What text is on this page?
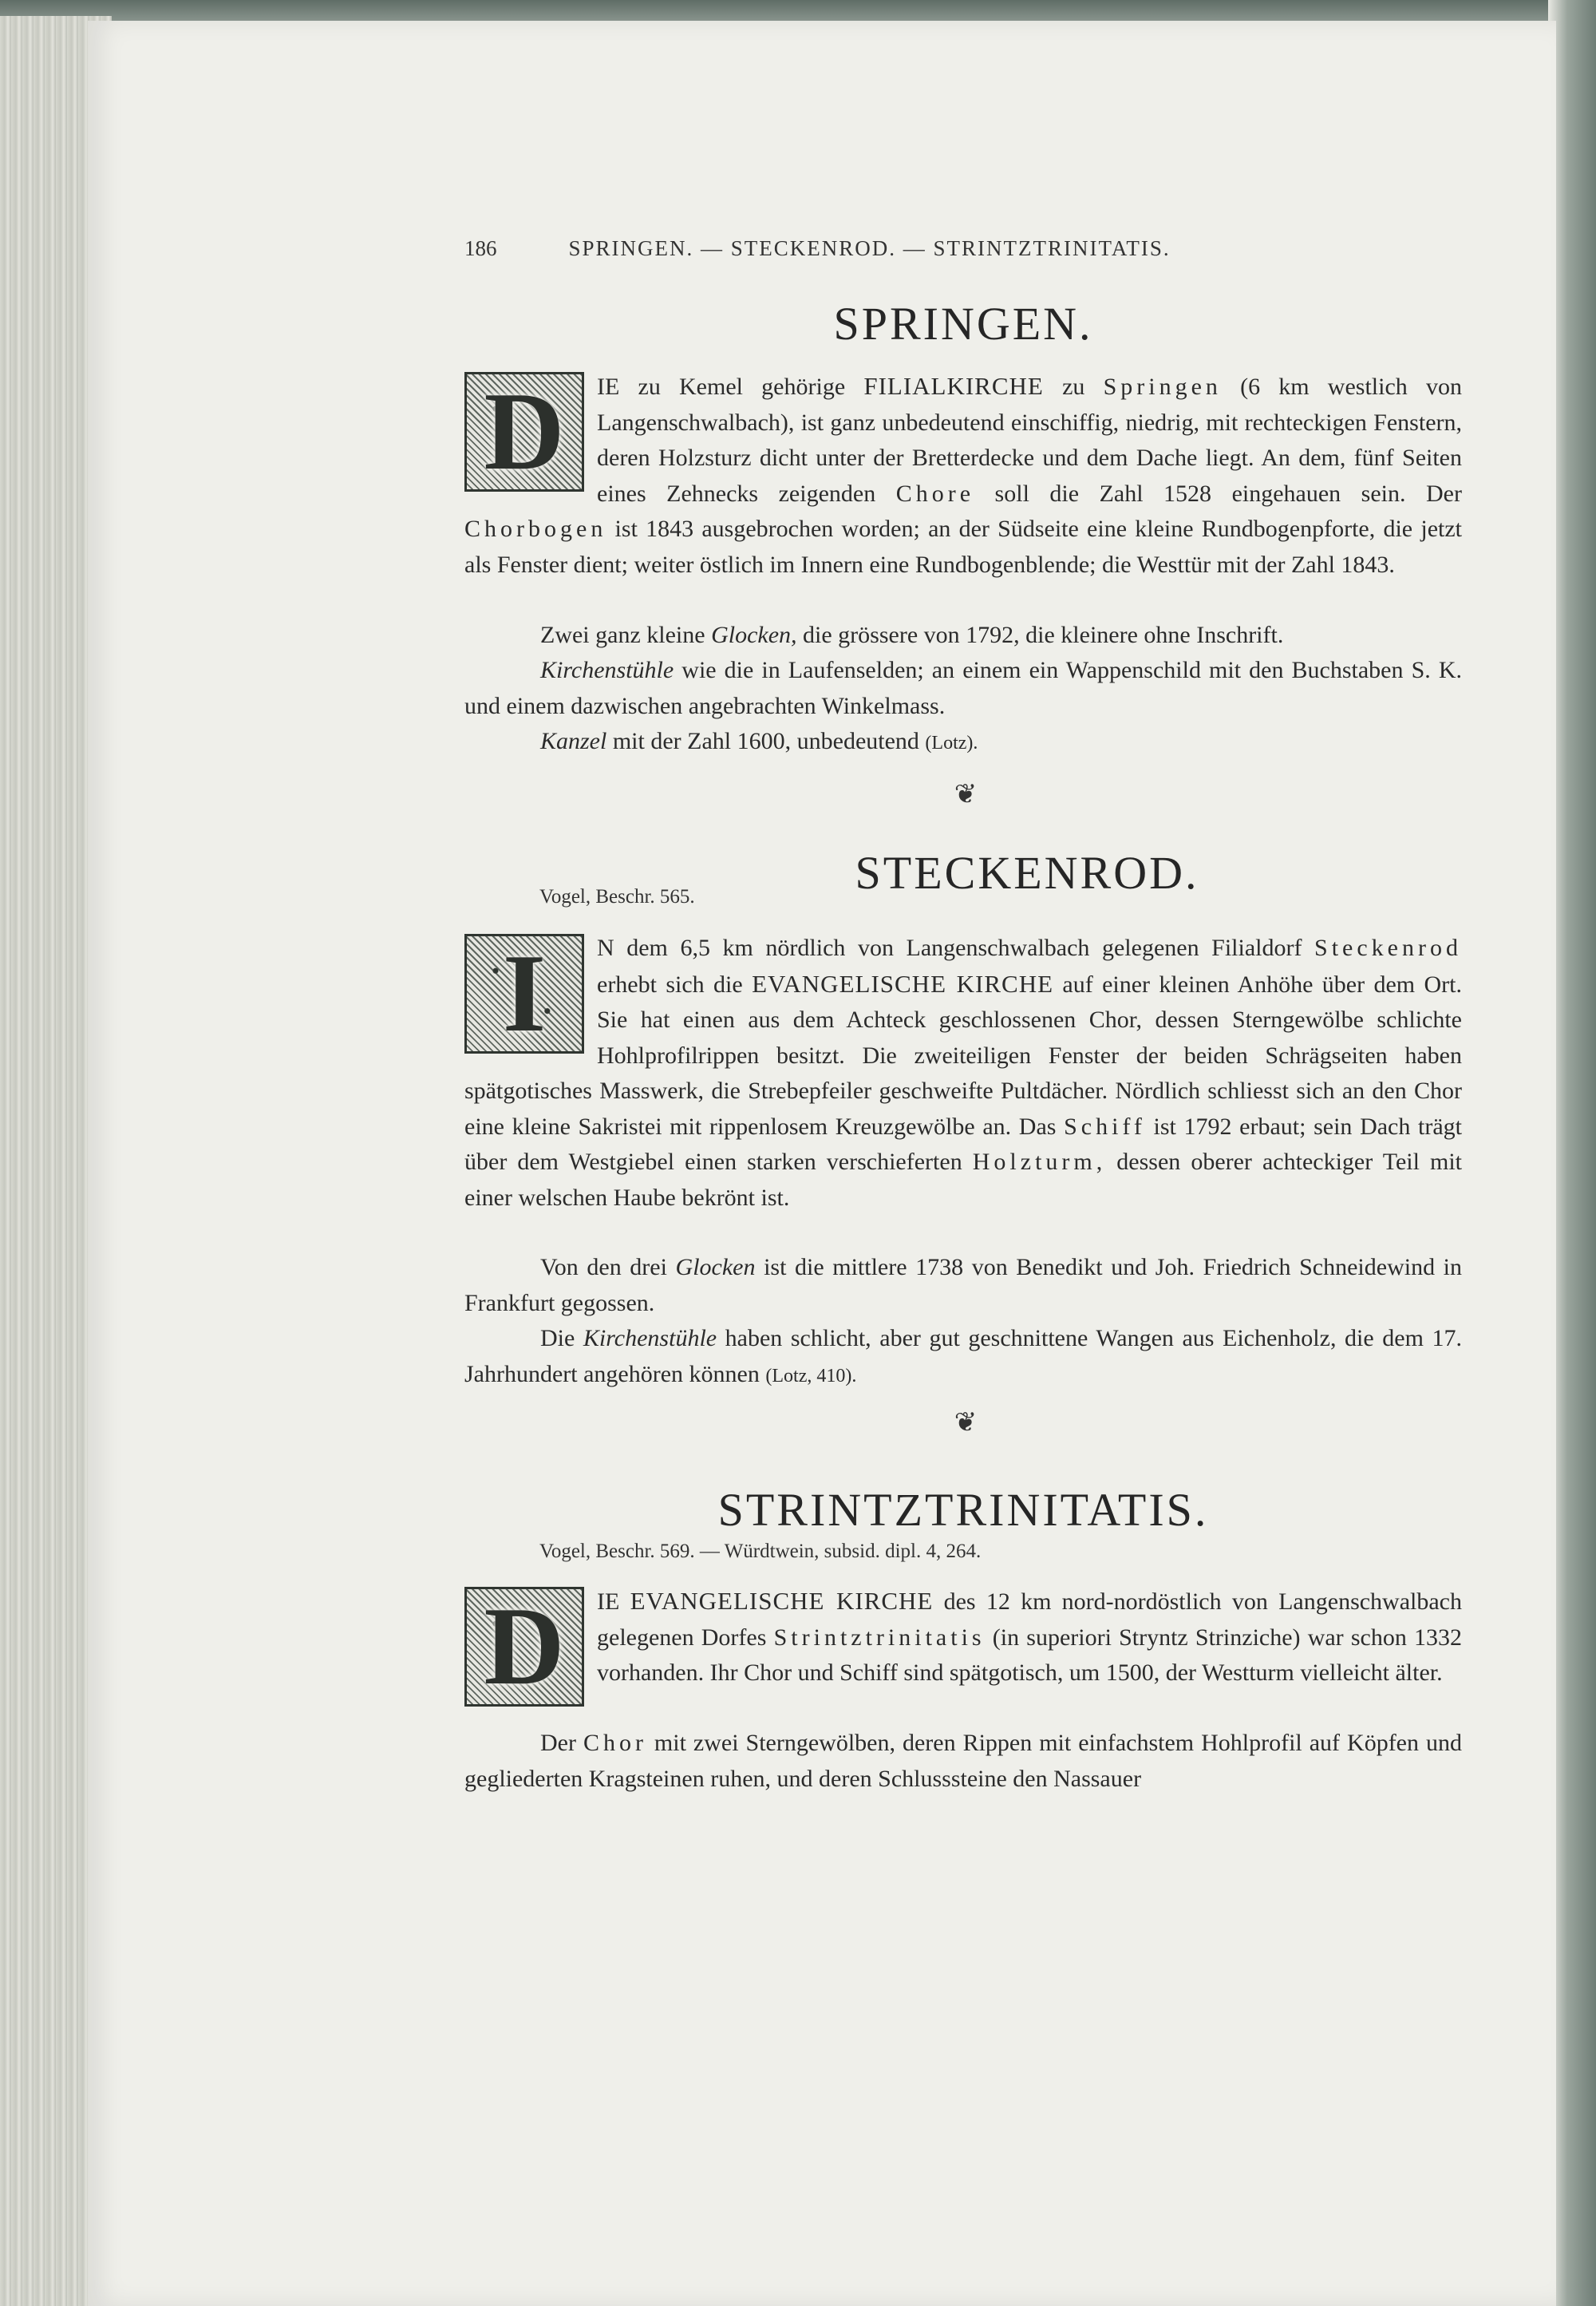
186	SPRINGEN. — STECKENROD. — STRINTZTRINITATIS.
SPRINGEN.
D	IE zu Kemel gehörige FILIALKIRCHE zu Springen (6 km westlich von Langenschwalbach), ist ganz unbedeutend einschiffig, niedrig, mit rechteckigen Fenstern, deren Holzsturz dicht unter der Bretterdecke und dem Dache liegt. An dem, fünf Seiten eines Zehnecks zeigenden Chore soll die Zahl 1528 eingehauen sein. Der Chorbogen ist 1843 ausgebrochen worden; an der Südseite eine kleine Rundbogenpforte, die jetzt als Fenster dient; weiter östlich im Innern eine Rundbogenblende; die Westtür mit der Zahl 1843.
Zwei ganz kleine Glocken, die grössere von 1792, die kleinere ohne Inschrift.
Kirchenstühle wie die in Laufenselden; an einem ein Wappenschild mit den Buchstaben S. K. und einem dazwischen angebrachten Winkelmass.
Kanzel mit der Zahl 1600, unbedeutend (Lotz).
❦
STECKENROD.
Vogel, Beschr. 565.
I	N dem 6,5 km nördlich von Langenschwalbach gelegenen Filialdorf Steckenrod erhebt sich die EVANGELISCHE KIRCHE auf einer kleinen Anhöhe über dem Ort. Sie hat einen aus dem Achteck geschlossenen Chor, dessen Sterngewölbe schlichte Hohlprofilrippen besitzt. Die zweiteiligen Fenster der beiden Schrägseiten haben spätgotisches Masswerk, die Strebepfeiler geschweifte Pultdächer. Nördlich schliesst sich an den Chor eine kleine Sakristei mit rippenlosem Kreuzgewölbe an. Das Schiff ist 1792 erbaut; sein Dach trägt über dem Westgiebel einen starken verschieferten Holzturm, dessen oberer achteckiger Teil mit einer welschen Haube bekrönt ist.
Von den drei Glocken ist die mittlere 1738 von Benedikt und Joh. Friedrich Schneidewind in Frankfurt gegossen.
Die Kirchenstühle haben schlicht, aber gut geschnittene Wangen aus Eichenholz, die dem 17. Jahrhundert angehören können (Lotz, 410).
❦
STRINTZTRINITATIS.
Vogel, Beschr. 569. — Würdtwein, subsid. dipl. 4, 264.
D	IE EVANGELISCHE KIRCHE des 12 km nord-nordöstlich von Langenschwalbach gelegenen Dorfes Strintztrinitatis (in superiori Stryntz Strinziche) war schon 1332 vorhanden. Ihr Chor und Schiff sind spätgotisch, um 1500, der Westturm vielleicht älter.
Der Chor mit zwei Sterngewölben, deren Rippen mit einfachstem Hohlprofil auf Köpfen und gegliederten Kragsteinen ruhen, und deren Schlusssteine den Nassauer
